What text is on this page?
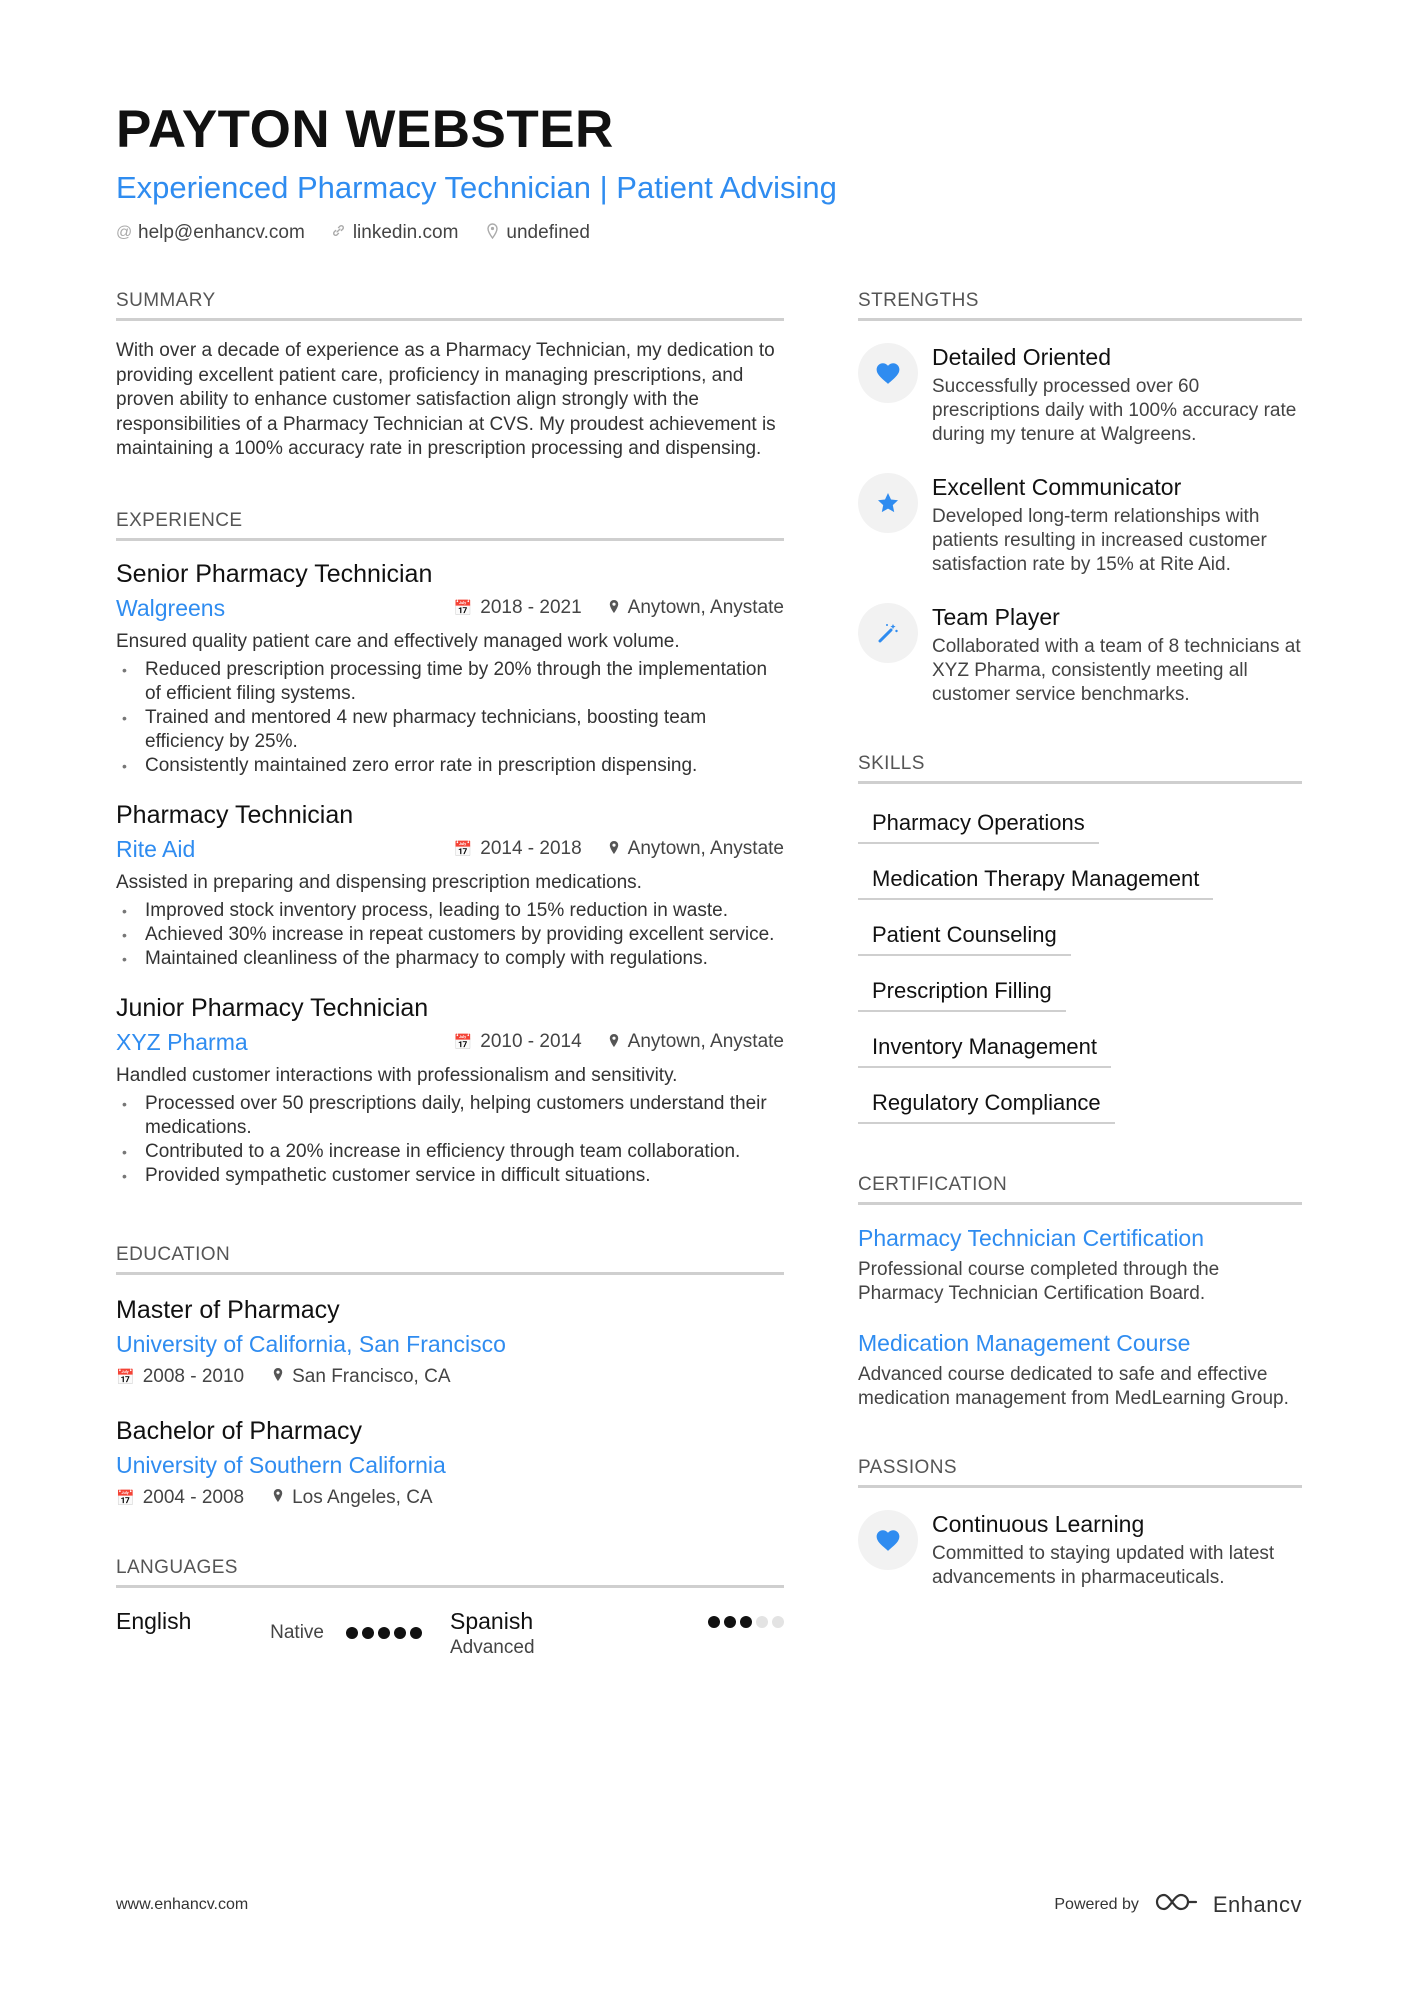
PAYTON WEBSTER
Experienced Pharmacy Technician | Patient Advising
@ help@enhancv.com	linkedin.com	undefined
SUMMARY
With over a decade of experience as a Pharmacy Technician, my dedication to providing excellent patient care, proficiency in managing prescriptions, and proven ability to enhance customer satisfaction align strongly with the responsibilities of a Pharmacy Technician at CVS. My proudest achievement is maintaining a 100% accuracy rate in prescription processing and dispensing.
EXPERIENCE
Senior Pharmacy Technician
Walgreens	📅 2018 - 2021 Anytown, Anystate
Ensured quality patient care and effectively managed work volume.
• Reduced prescription processing time by 20% through the implementation of efficient filing systems.
• Trained and mentored 4 new pharmacy technicians, boosting team efficiency by 25%.
• Consistently maintained zero error rate in prescription dispensing.
Pharmacy Technician
Rite Aid	📅 2014 - 2018 Anytown, Anystate
Assisted in preparing and dispensing prescription medications.
• Improved stock inventory process, leading to 15% reduction in waste.
• Achieved 30% increase in repeat customers by providing excellent service.
• Maintained cleanliness of the pharmacy to comply with regulations.
Junior Pharmacy Technician
XYZ Pharma	📅 2010 - 2014 Anytown, Anystate
Handled customer interactions with professionalism and sensitivity.
• Processed over 50 prescriptions daily, helping customers understand their medications.
• Contributed to a 20% increase in efficiency through team collaboration.
• Provided sympathetic customer service in difficult situations.
EDUCATION
Master of Pharmacy
University of California, San Francisco
📅 2008 - 2010	San Francisco, CA
Bachelor of Pharmacy
University of Southern California
📅 2004 - 2008	Los Angeles, CA
LANGUAGES
English	Native	Spanish
Advanced
STRENGTHS
Detailed Oriented
Successfully processed over 60 prescriptions daily with 100% accuracy rate during my tenure at Walgreens.
Excellent Communicator
Developed long-term relationships with patients resulting in increased customer satisfaction rate by 15% at Rite Aid.
Team Player
Collaborated with a team of 8 technicians at XYZ Pharma, consistently meeting all customer service benchmarks.
SKILLS
Pharmacy Operations
Medication Therapy Management
Patient Counseling
Prescription Filling
Inventory Management
Regulatory Compliance
CERTIFICATION
Pharmacy Technician Certification
Professional course completed through the Pharmacy Technician Certification Board.
Medication Management Course
Advanced course dedicated to safe and effective medication management from MedLearning Group.
PASSIONS
Continuous Learning
Committed to staying updated with latest advancements in pharmaceuticals.
www.enhancv.com	Powered by	Enhancv
